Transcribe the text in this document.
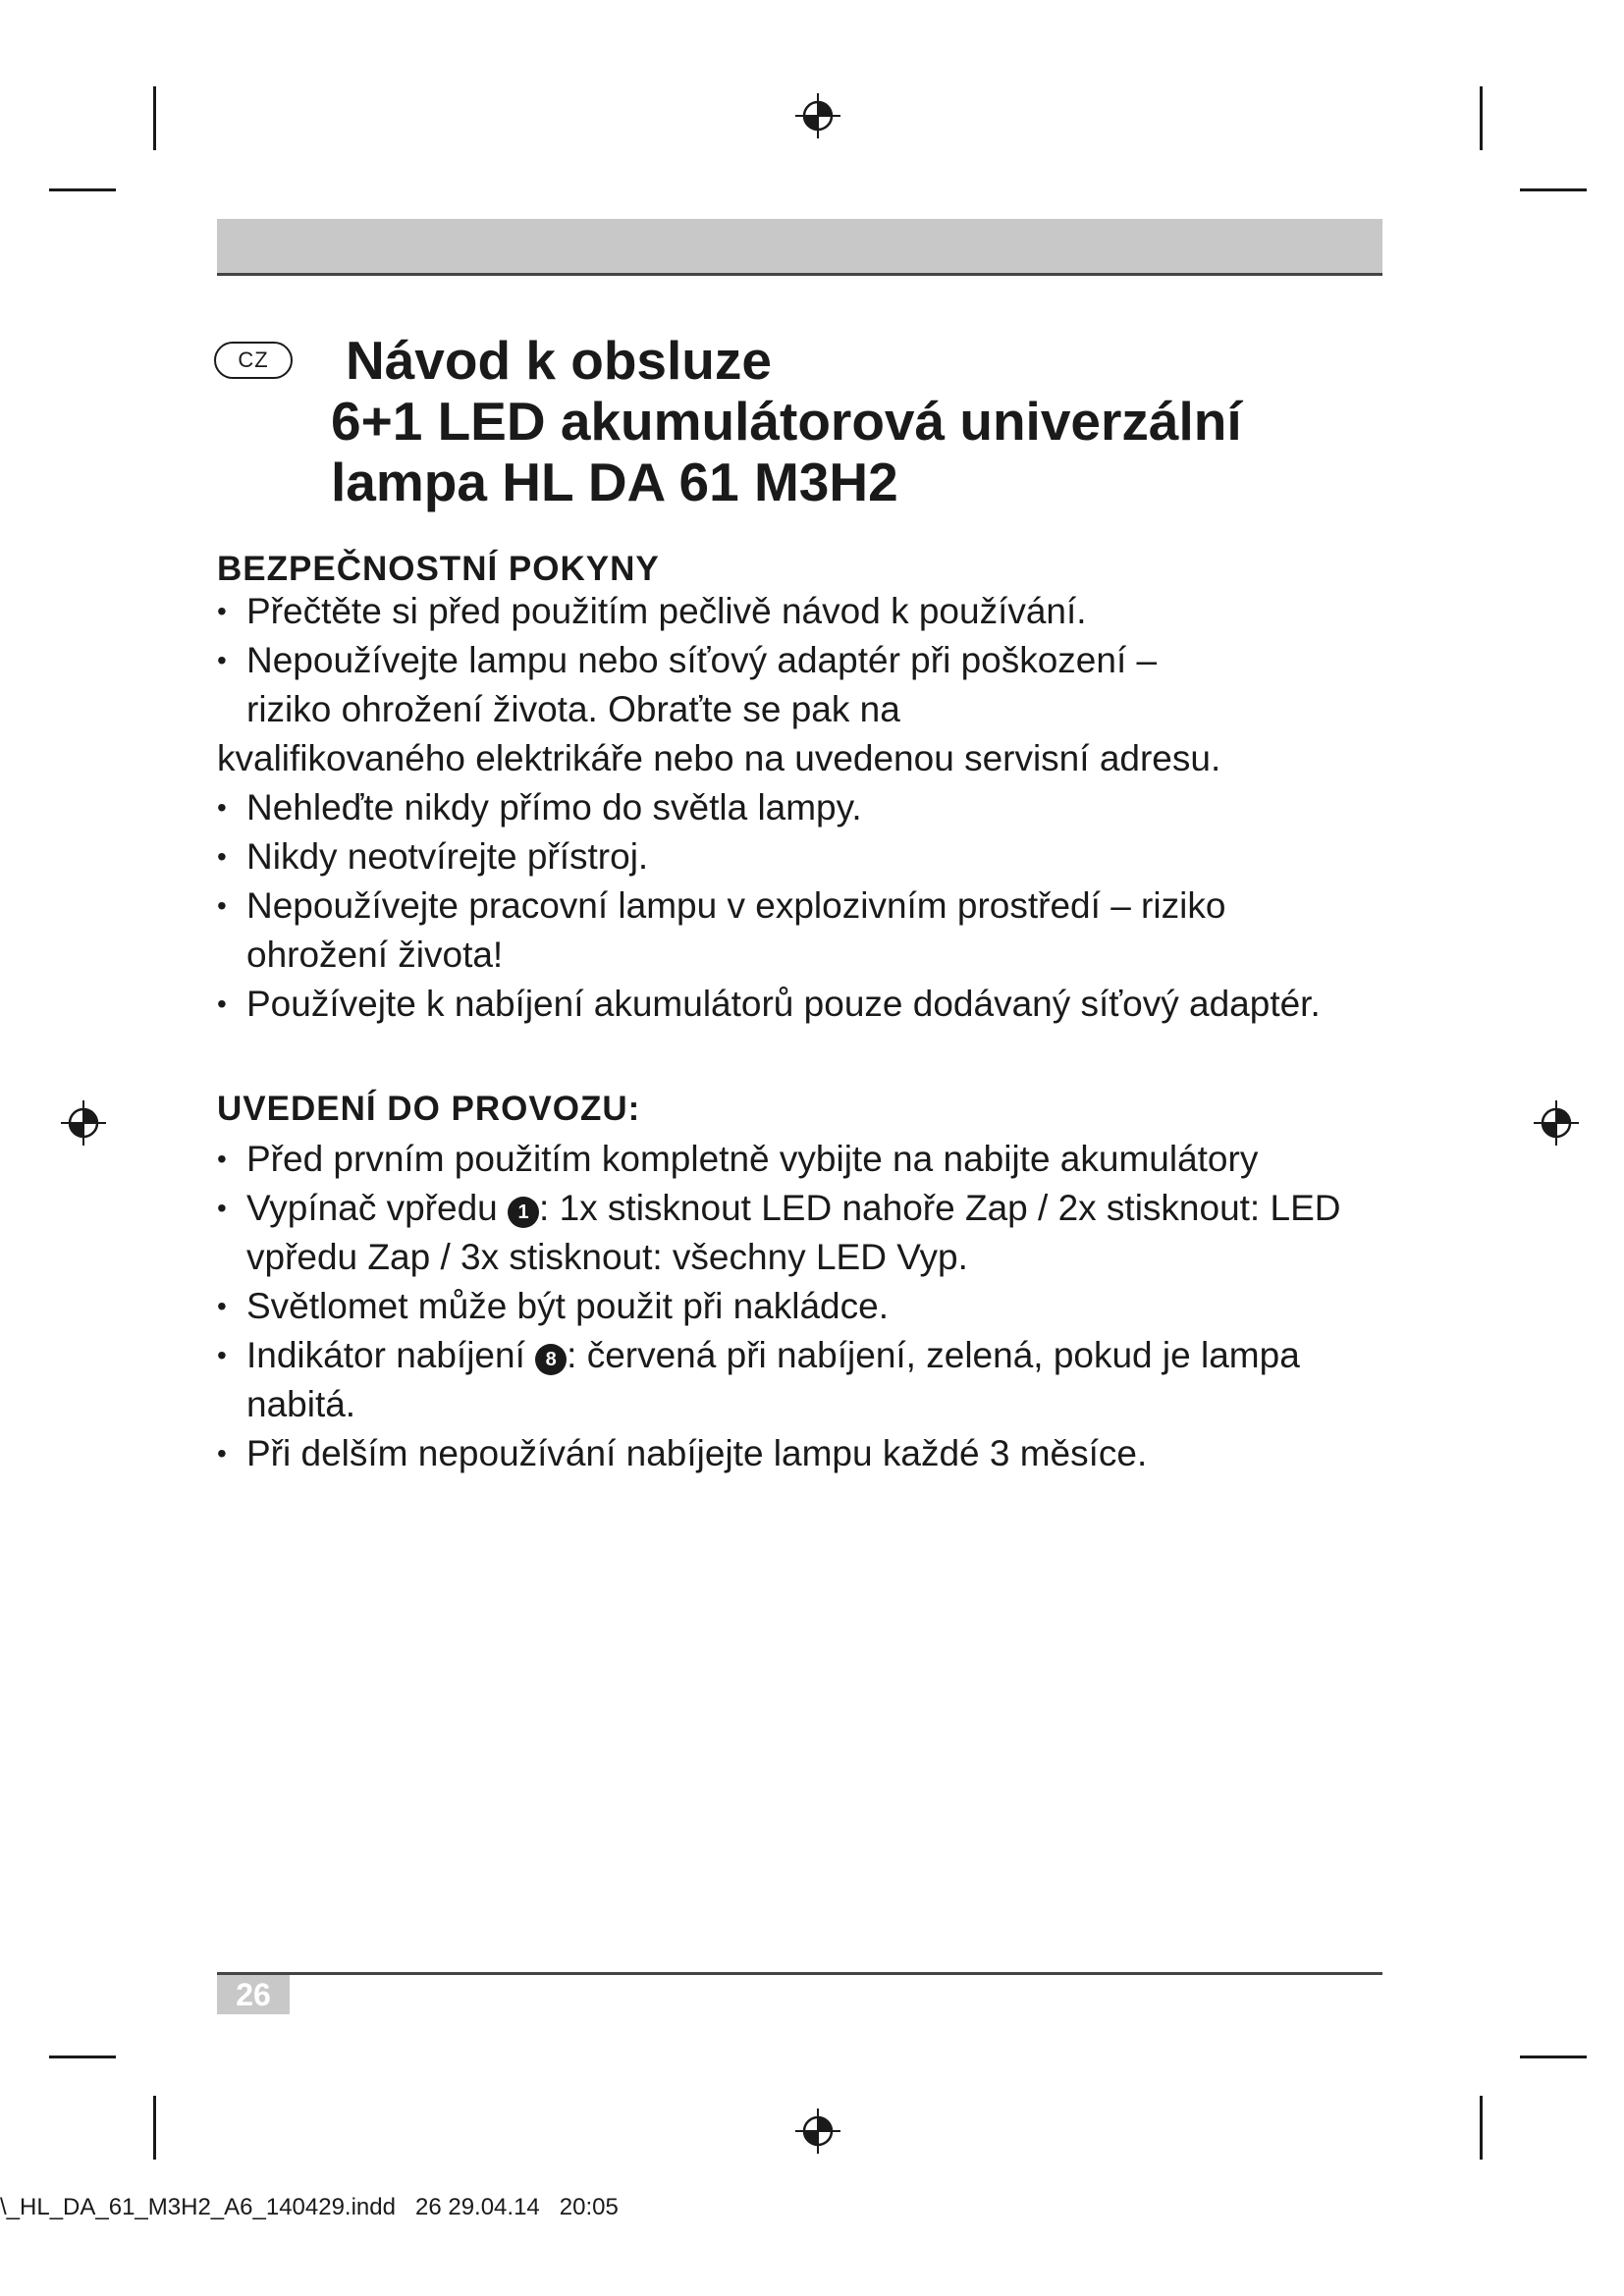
CZ	Návod k obsluze
6+1 LED akumulátorová univerzální
lampa HL DA 61 M3H2
BEZPEČNOSTNÍ POKYNY
• Přečtěte si před použitím pečlivě návod k používání.
• Nepoužívejte lampu nebo síťový adaptér při poškození – riziko ohrožení života. Obraťte se pak na
kvalifikovaného elektrikáře nebo na uvedenou servisní adresu.
• Nehleďte nikdy přímo do světla lampy.
• Nikdy neotvírejte přístroj.
• Nepoužívejte pracovní lampu v explozivním prostředí – riziko ohrožení života!
• Používejte k nabíjení akumulátorů pouze dodávaný síťový adaptér.
UVEDENÍ DO PROVOZU:
• Před prvním použitím kompletně vybijte na nabijte akumulátory
• Vypínač vpředu 1 : 1x stisknout LED nahoře Zap / 2x stisknout: LED vpředu Zap / 3x stisknout: všechny LED Vyp.
• Světlomet může být použit při nakládce.
• Indikátor nabíjení 8 : červená při nabíjení, zelená, pokud je lampa nabitá.
• Při delším nepoužívání nabíjejte lampu každé 3 měsíce.
26
\_HL_DA_61_M3H2_A6_140429.indd   26 29.04.14   20:05
